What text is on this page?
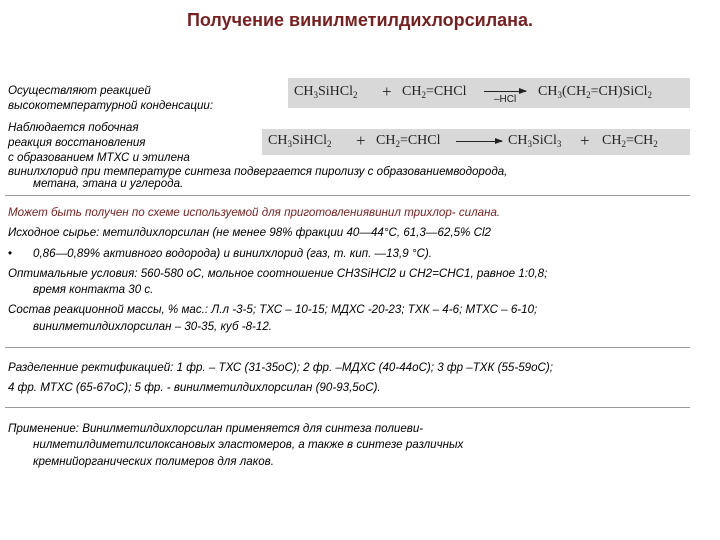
Получение винилметилдихлорсилана.
Осуществляют реакцией
высокотемпературной конденсации:
Наблюдается побочная
реакция восстановления
с образованием МТХС и этилена
винилхлорид при температуре синтеза подвергается пиролизу с образованиемводорода,
метана, этана и углерода.
$CH_3SiHCl_2$ + $CH_2=CHCl$ →
–HCl
$CH_3(CH_2=CH)SiCl_2$
$CH_3SiHCl_2$ + $CH_2=CHCl$ → $CH_3SiCl_3 + CH_2=CH_2$
Может быть получен по схеме используемой для приготовлениявинил трихлор- силана.
Исходное сырье: метилдихлорсилан (не менее 98% фракции 40—44°С, 61,3—62,5% Cl2
• 0,86—0,89% активного водорода) и винилхлорид (газ, т. кип. —13,9 °С).
Оптимальные условия: 560-580 оС, мольное соотношение СН3SiНCl2 и CH2=CHC1, равное 1:0,8;
время контакта 30 с.
Состав реакционной массы, % мас.: Л.л -3-5; ТХС – 10-15; МДХС -20-23; ТХК – 4-6; МТХС – 6-10;
винилметилдихлорсилан – 30-35, куб -8-12.
Разделенние ректификацией: 1 фр. – ТХС (31-35оС); 2 фр. –МДХС (40-44оС); 3 фр –ТХК (55-59оС);
4 фр. МТХС (65-67оС); 5 фр. - винилметилдихлорсилан (90-93,5оС).
Применение: Винилметилдихлорсилан применяется для синтеза полиеви-
нилметилдиметилсилоксановых эластомеров, а также в синтезе различных
кремнийорганических полимеров для лаков.
